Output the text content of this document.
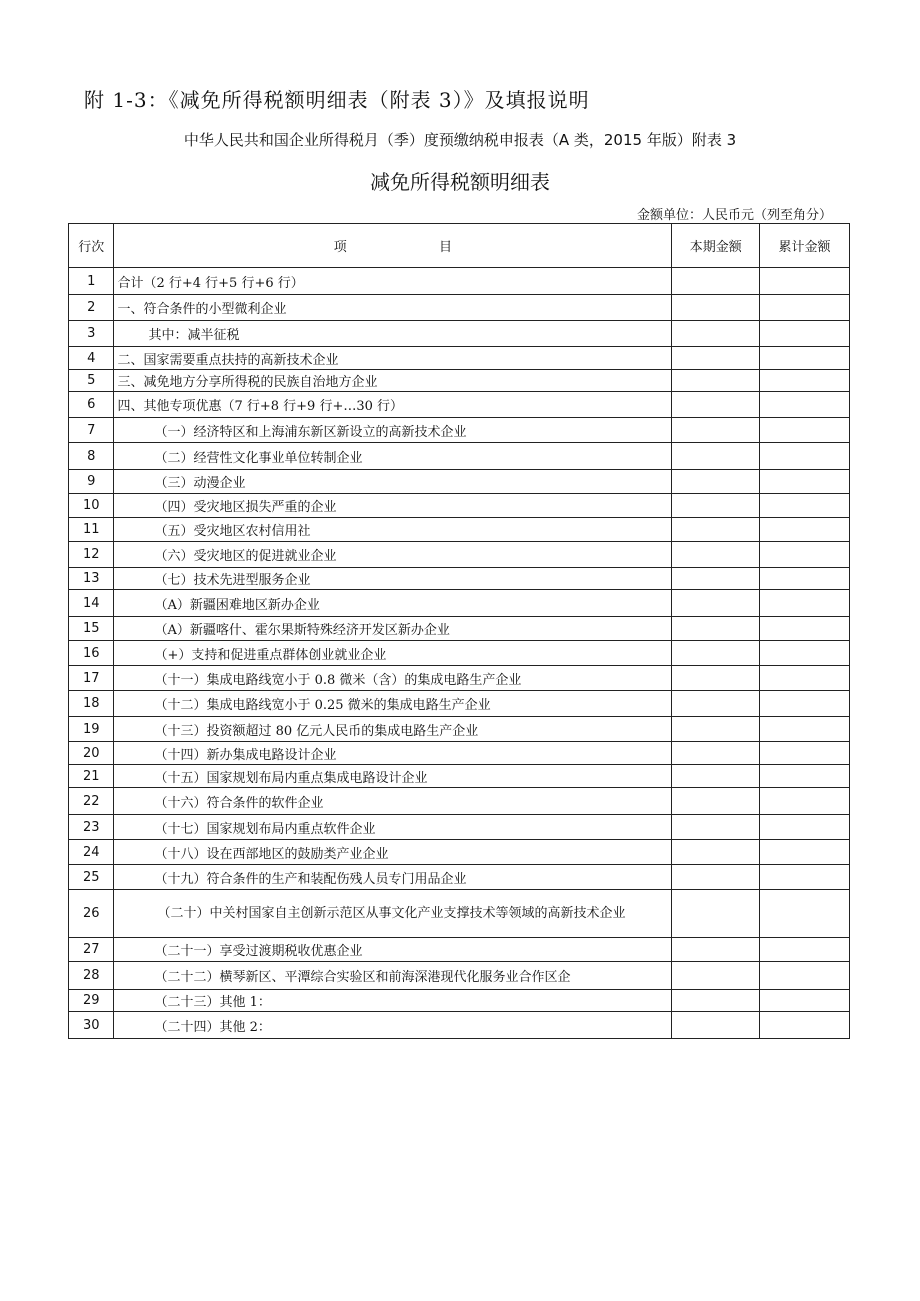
附 1-3：《减免所得税额明细表（附表 3）》及填报说明
中华人民共和国企业所得税月（季）度预缴纳税申报表（A 类，2015 年版）附表 3
减免所得税额明细表
金额单位：人民币元（列至角分）
行次	项 目	本期金额	累计金额
1	合计（2 行+4 行+5 行+6 行）		
2	一、符合条件的小型微利企业		
3	其中：减半征税		
4	二、国家需要重点扶持的高新技术企业		
5	三、减免地方分享所得税的民族自治地方企业		
6	四、其他专项优惠（7 行+8 行+9 行+…30 行）		
7	（一）经济特区和上海浦东新区新设立的高新技术企业		
8	（二）经营性文化事业单位转制企业		
9	（三）动漫企业		
10	（四）受灾地区损失严重的企业		
11	（五）受灾地区农村信用社		
12	（六）受灾地区的促进就业企业		
13	（七）技术先进型服务企业		
14	（A）新疆困难地区新办企业		
15	（A）新疆喀什、霍尔果斯特殊经济开发区新办企业		
16	（+）支持和促进重点群体创业就业企业		
17	（十一）集成电路线宽小于 0.8 微米（含）的集成电路生产企业		
18	（十二）集成电路线宽小于 0.25 微米的集成电路生产企业		
19	（十三）投资额超过 80 亿元人民币的集成电路生产企业		
20	（十四）新办集成电路设计企业		
21	（十五）国家规划布局内重点集成电路设计企业		
22	（十六）符合条件的软件企业		
23	（十七）国家规划布局内重点软件企业		
24	（十八）设在西部地区的鼓励类产业企业		
25	（十九）符合条件的生产和装配伤残人员专门用品企业		
26	（二十）中关村国家自主创新示范区从事文化产业支撑技术等领域的高新技术企业		
27	（二十一）享受过渡期税收优惠企业		
28	（二十二）横琴新区、平潭综合实验区和前海深港现代化服务业合作区企		
29	（二十三）其他 1：		
30	（二十四）其他 2：		
